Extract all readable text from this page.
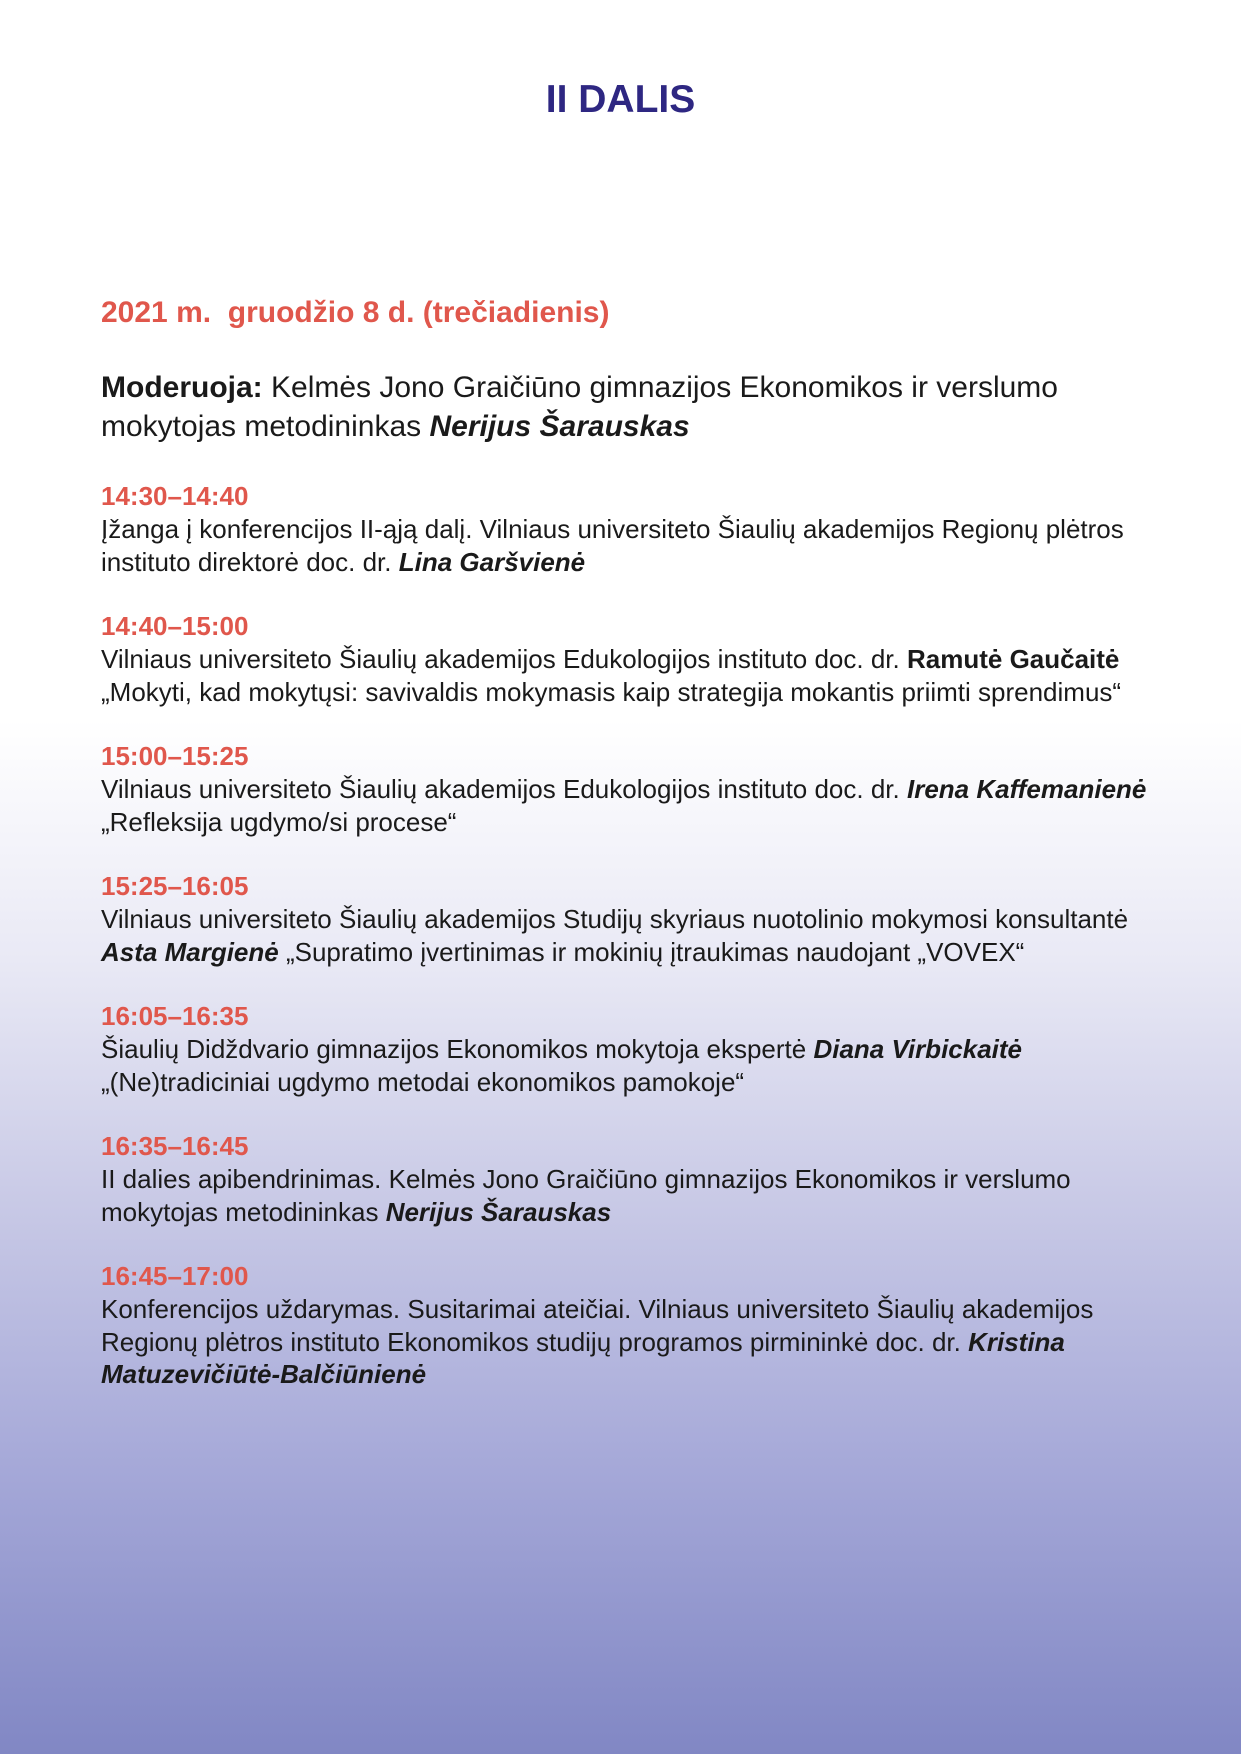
II DALIS

2021 m.  gruodžio 8 d. (trečiadienis)

Moderuoja: Kelmės Jono Graičiūno gimnazijos Ekonomikos ir verslumo mokytojas metodininkas Nerijus Šarauskas

14:30–14:40
Įžanga į konferencijos II-ąją dalį. Vilniaus universiteto Šiaulių akademijos Regionų plėtros instituto direktorė doc. dr. Lina Garšvienė
14:40–15:00
Vilniaus universiteto Šiaulių akademijos Edukologijos instituto doc. dr. Ramutė Gaučaitė „Mokyti, kad mokytųsi: savivaldis mokymasis kaip strategija mokantis priimti sprendimus“
15:00–15:25
Vilniaus universiteto Šiaulių akademijos Edukologijos instituto doc. dr. Irena Kaffemanienė „Refleksija ugdymo/si procese“
15:25–16:05
Vilniaus universiteto Šiaulių akademijos Studijų skyriaus nuotolinio mokymosi konsultantė Asta Margienė „Supratimo įvertinimas ir mokinių įtraukimas naudojant „VOVEX“
16:05–16:35
Šiaulių Didždvario gimnazijos Ekonomikos mokytoja ekspertė Diana Virbickaitė „(Ne)tradiciniai ugdymo metodai ekonomikos pamokoje“
16:35–16:45
II dalies apibendrinimas. Kelmės Jono Graičiūno gimnazijos Ekonomikos ir verslumo mokytojas metodininkas Nerijus Šarauskas
16:45–17:00
Konferencijos uždarymas. Susitarimai ateičiai. Vilniaus universiteto Šiaulių akademijos Regionų plėtros instituto Ekonomikos studijų programos pirmininkė doc. dr. Kristina Matuzevičiūtė-Balčiūnienė
